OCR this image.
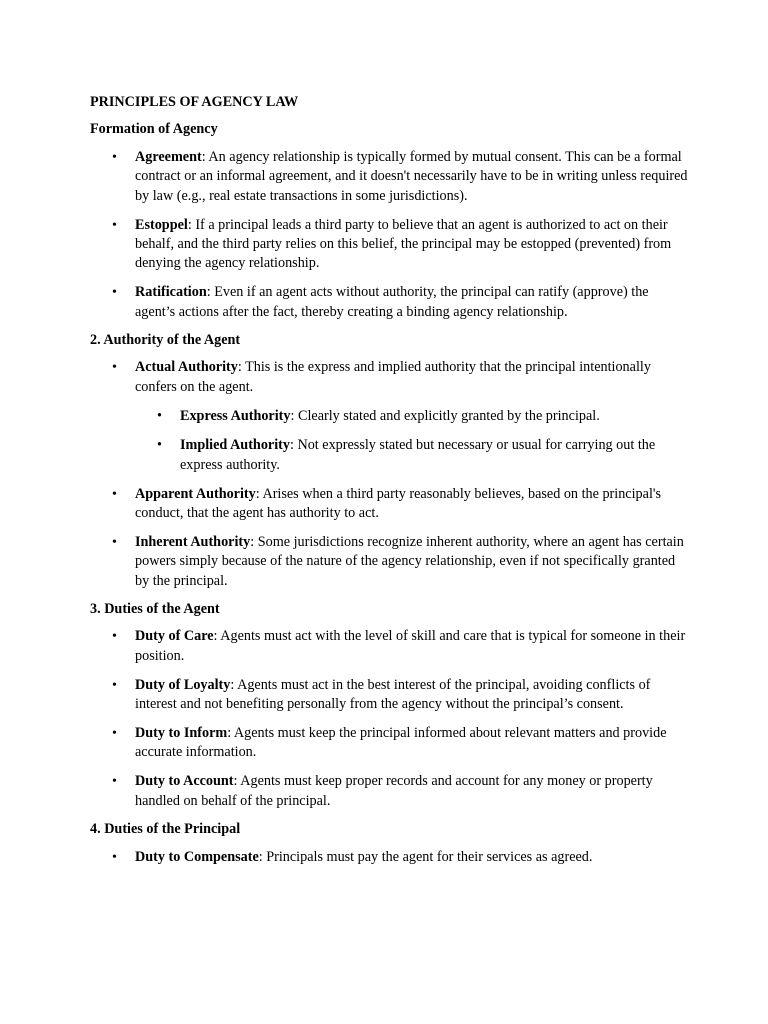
PRINCIPLES OF AGENCY LAW
Formation of Agency
• Agreement: An agency relationship is typically formed by mutual consent. This can be a formal contract or an informal agreement, and it doesn't necessarily have to be in writing unless required by law (e.g., real estate transactions in some jurisdictions).
• Estoppel: If a principal leads a third party to believe that an agent is authorized to act on their behalf, and the third party relies on this belief, the principal may be estopped (prevented) from denying the agency relationship.
• Ratification: Even if an agent acts without authority, the principal can ratify (approve) the agent’s actions after the fact, thereby creating a binding agency relationship.
2. Authority of the Agent
• Actual Authority: This is the express and implied authority that the principal intentionally confers on the agent.
• Express Authority: Clearly stated and explicitly granted by the principal.
• Implied Authority: Not expressly stated but necessary or usual for carrying out the express authority.
• Apparent Authority: Arises when a third party reasonably believes, based on the principal's conduct, that the agent has authority to act.
• Inherent Authority: Some jurisdictions recognize inherent authority, where an agent has certain powers simply because of the nature of the agency relationship, even if not specifically granted by the principal.
3. Duties of the Agent
• Duty of Care: Agents must act with the level of skill and care that is typical for someone in their position.
• Duty of Loyalty: Agents must act in the best interest of the principal, avoiding conflicts of interest and not benefiting personally from the agency without the principal’s consent.
• Duty to Inform: Agents must keep the principal informed about relevant matters and provide accurate information.
• Duty to Account: Agents must keep proper records and account for any money or property handled on behalf of the principal.
4. Duties of the Principal
• Duty to Compensate: Principals must pay the agent for their services as agreed.
